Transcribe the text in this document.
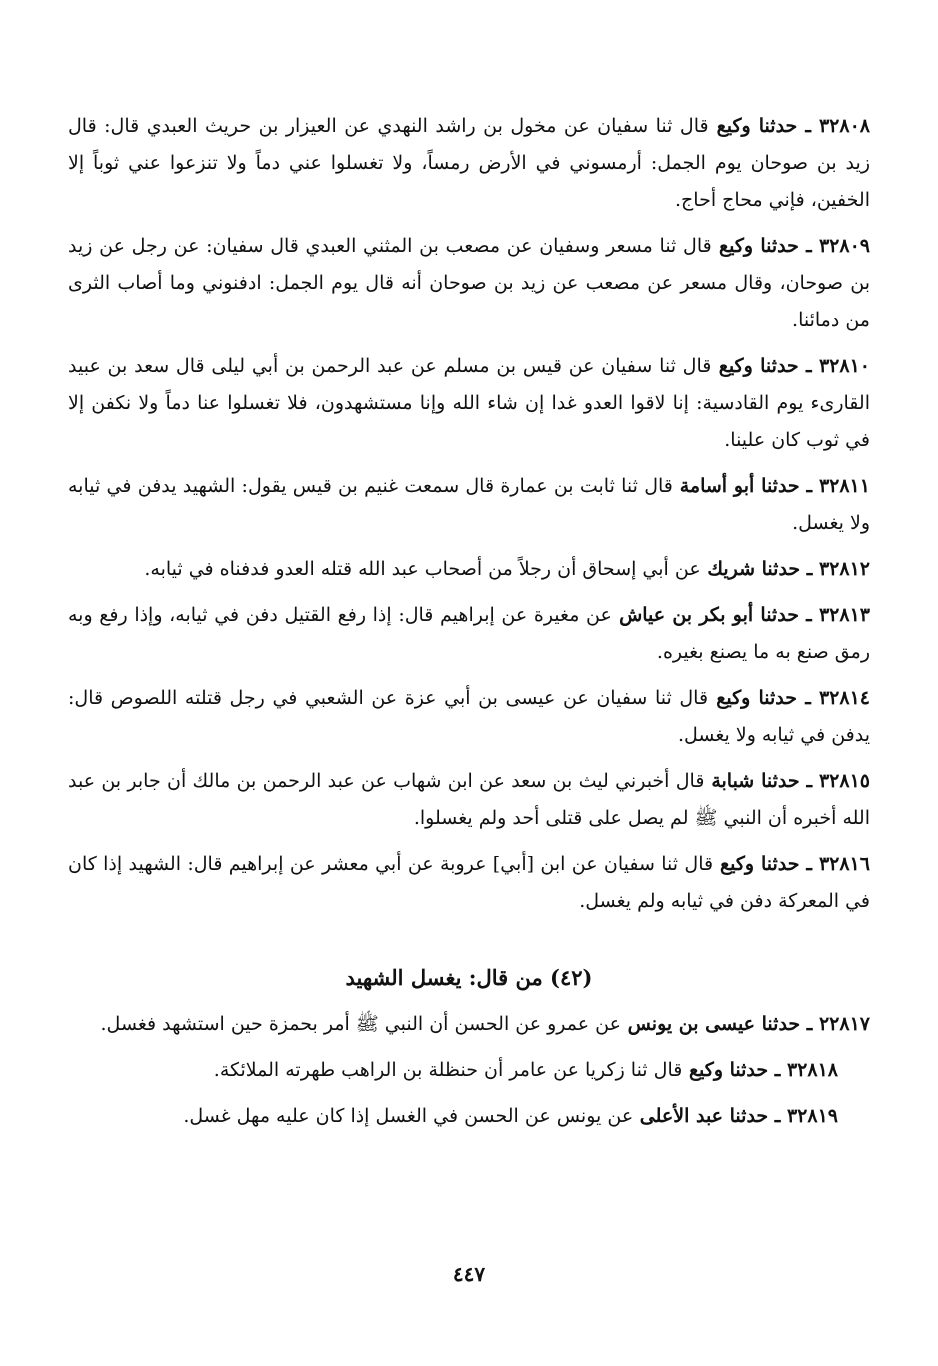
٣٢٨٠٨ ـ حدثنا وكيع قال ثنا سفيان عن مخول بن راشد النهدي عن العيزار بن حريث العبدي قال: قال زيد بن صوحان يوم الجمل: أرمسوني في الأرض رمساً، ولا تغسلوا عني دماً ولا تنزعوا عني ثوباً إلا الخفين، فإني محاج أحاج.

٣٢٨٠٩ ـ حدثنا وكيع قال ثنا مسعر وسفيان عن مصعب بن المثني العبدي قال سفيان: عن رجل عن زيد بن صوحان، وقال مسعر عن مصعب عن زيد بن صوحان أنه قال يوم الجمل: ادفنوني وما أصاب الثرى من دمائنا.

٣٢٨١٠ ـ حدثنا وكيع قال ثنا سفيان عن قيس بن مسلم عن عبد الرحمن بن أبي ليلى قال سعد بن عبيد القارىء يوم القادسية: إنا لاقوا العدو غدا إن شاء الله وإنا مستشهدون، فلا تغسلوا عنا دماً ولا نكفن إلا في ثوب كان علينا.

٣٢٨١١ ـ حدثنا أبو أسامة قال ثنا ثابت بن عمارة قال سمعت غنيم بن قيس يقول: الشهيد يدفن في ثيابه ولا يغسل.

٣٢٨١٢ ـ حدثنا شريك عن أبي إسحاق أن رجلاً من أصحاب عبد الله قتله العدو فدفناه في ثيابه.

٣٢٨١٣ ـ حدثنا أبو بكر بن عياش عن مغيرة عن إبراهيم قال: إذا رفع القتيل دفن في ثيابه، وإذا رفع وبه رمق صنع به ما يصنع بغيره.

٣٢٨١٤ ـ حدثنا وكيع قال ثنا سفيان عن عيسى بن أبي عزة عن الشعبي في رجل قتلته اللصوص قال: يدفن في ثيابه ولا يغسل.

٣٢٨١٥ ـ حدثنا شبابة قال أخبرني ليث بن سعد عن ابن شهاب عن عبد الرحمن بن مالك أن جابر بن عبد الله أخبره أن النبي ﷺ لم يصل على قتلى أحد ولم يغسلوا.

٣٢٨١٦ ـ حدثنا وكيع قال ثنا سفيان عن ابن [أبي] عروبة عن أبي معشر عن إبراهيم قال: الشهيد إذا كان في المعركة دفن في ثيابه ولم يغسل.

(٤٢) من قال: يغسل الشهيد

٢٢٨١٧ ـ حدثنا عيسى بن يونس عن عمرو عن الحسن أن النبي ﷺ أمر بحمزة حين استشهد فغسل.

٣٢٨١٨ ـ حدثنا وكيع قال ثنا زكريا عن عامر أن حنظلة بن الراهب طهرته الملائكة.

٣٢٨١٩ ـ حدثنا عبد الأعلى عن يونس عن الحسن في الغسل إذا كان عليه مهل غسل.

٤٤٧
